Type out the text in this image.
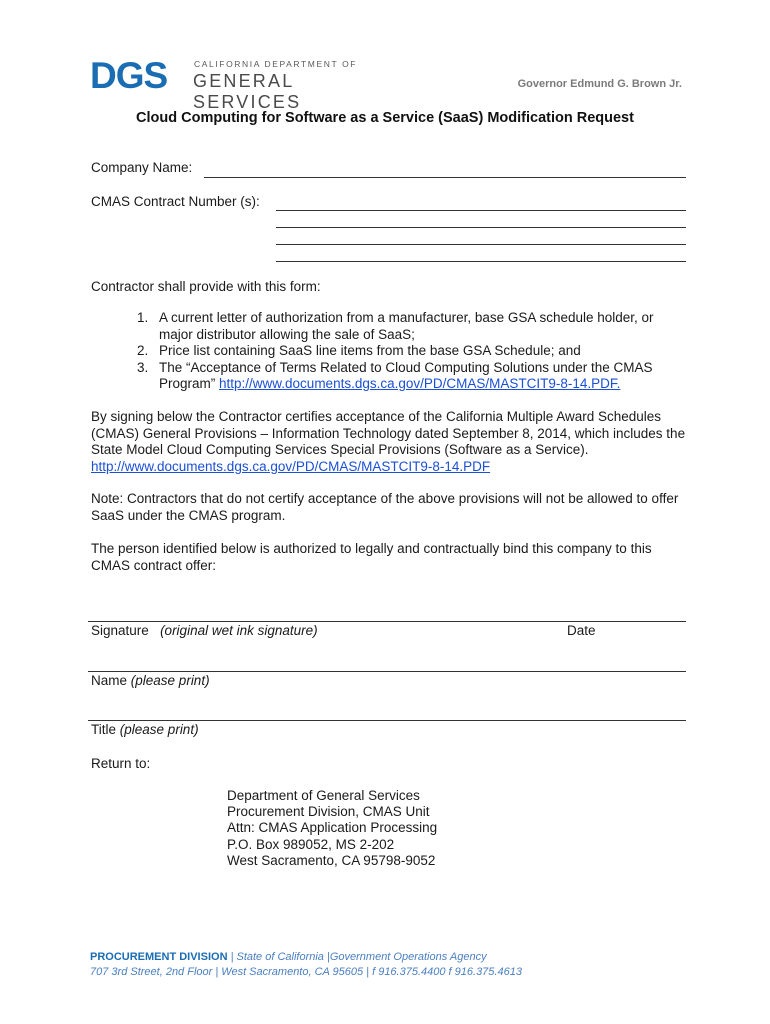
DGS	CALIFORNIA DEPARTMENT OF
GENERAL SERVICES
Governor Edmund G. Brown Jr.
Cloud Computing for Software as a Service (SaaS) Modification Request
Company Name:
CMAS Contract Number (s):
Contractor shall provide with this form:
1. A current letter of authorization from a manufacturer, base GSA schedule holder, or major distributor allowing the sale of SaaS;
2. Price list containing SaaS line items from the base GSA Schedule; and
3. The “Acceptance of Terms Related to Cloud Computing Solutions under the CMAS Program” http://www.documents.dgs.ca.gov/PD/CMAS/MASTCIT9-8-14.PDF.
By signing below the Contractor certifies acceptance of the California Multiple Award Schedules (CMAS) General Provisions – Information Technology dated September 8, 2014, which includes the State Model Cloud Computing Services Special Provisions (Software as a Service).
http://www.documents.dgs.ca.gov/PD/CMAS/MASTCIT9-8-14.PDF
Note: Contractors that do not certify acceptance of the above provisions will not be allowed to offer SaaS under the CMAS program.
The person identified below is authorized to legally and contractually bind this company to this CMAS contract offer:
Signature (original wet ink signature)	Date
Name (please print)
Title (please print)
Return to:
Department of General Services
Procurement Division, CMAS Unit
Attn: CMAS Application Processing
P.O. Box 989052, MS 2-202
West Sacramento, CA 95798-9052
PROCUREMENT DIVISION | State of California |Government Operations Agency
707 3rd Street, 2nd Floor | West Sacramento, CA 95605 | f 916.375.4400 f 916.375.4613
